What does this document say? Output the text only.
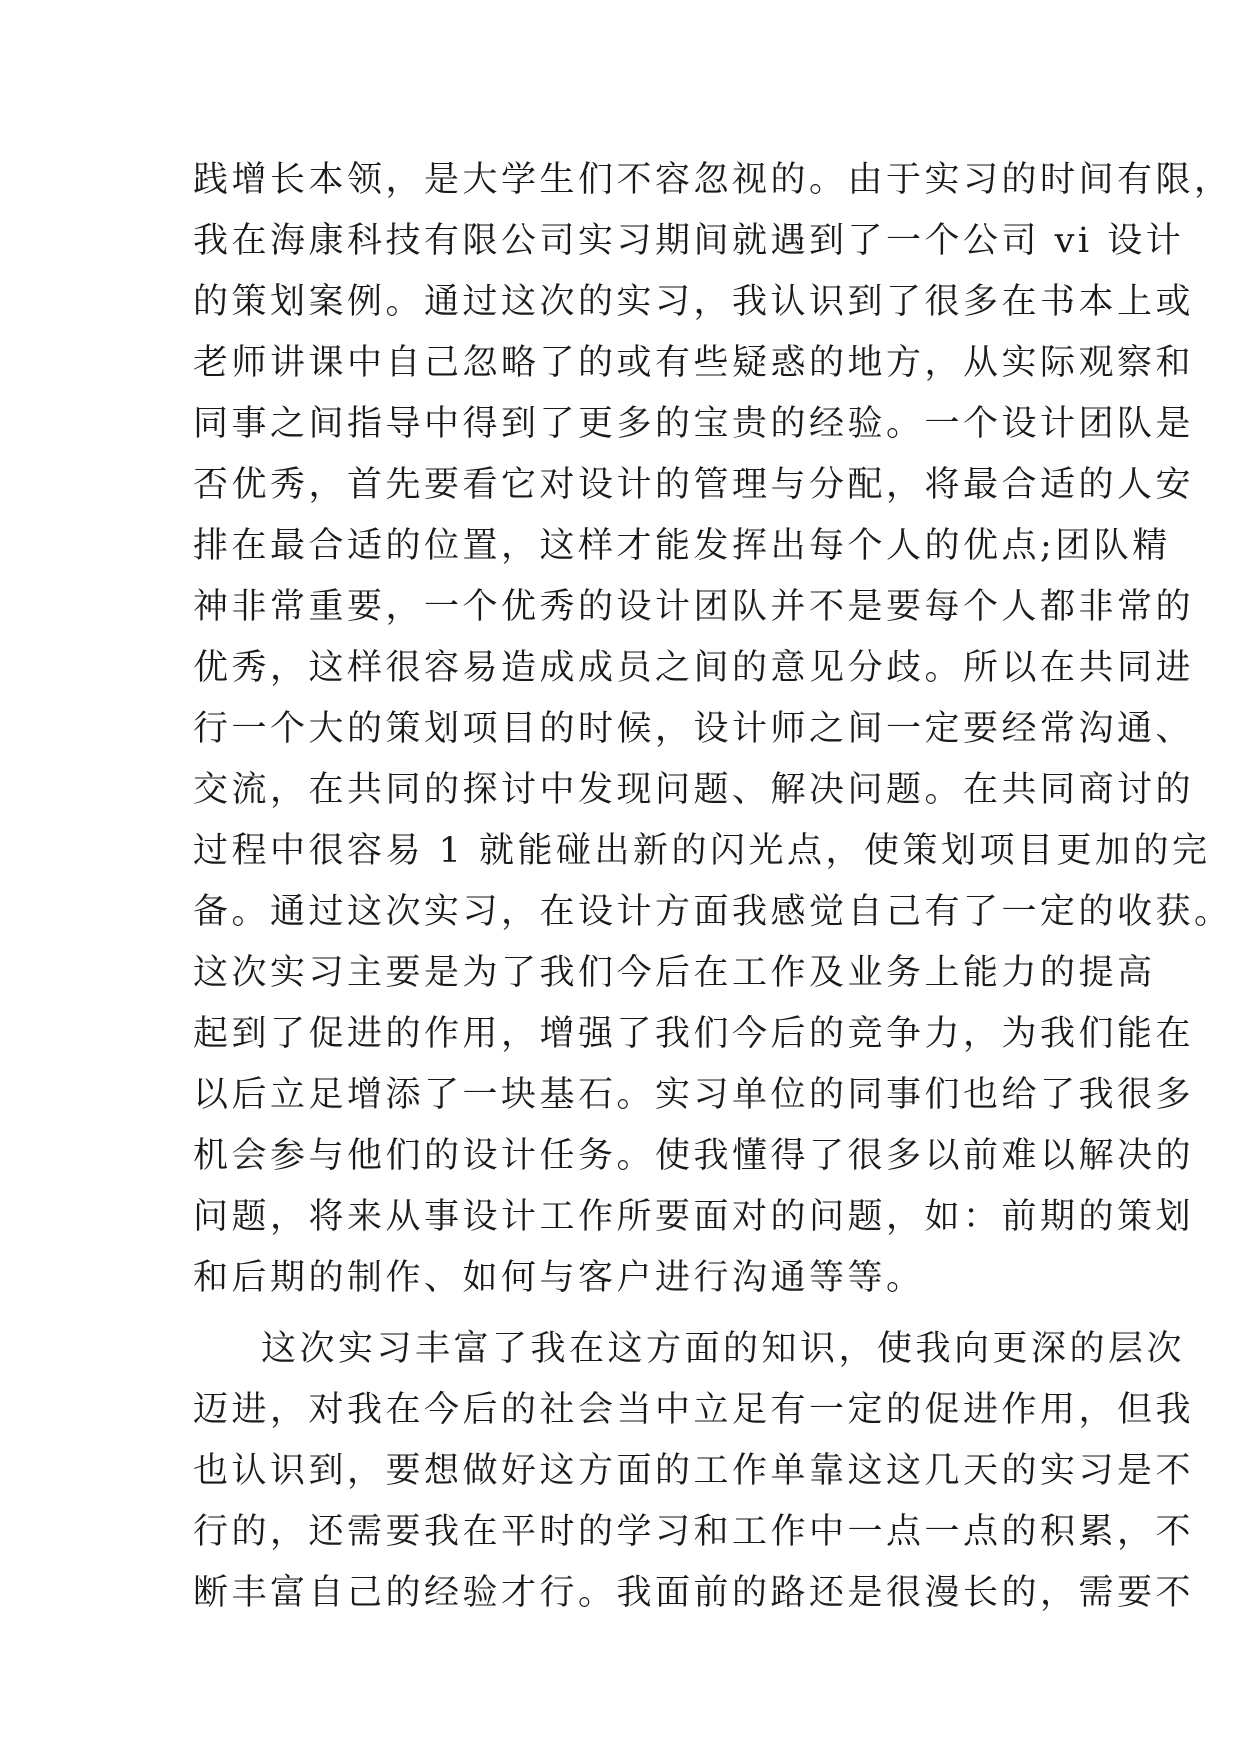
践增长本领，是大学生们不容忽视的。由于实习的时间有限，
我在海康科技有限公司实习期间就遇到了一个公司 vi 设计
的策划案例。通过这次的实习，我认识到了很多在书本上或
老师讲课中自己忽略了的或有些疑惑的地方，从实际观察和
同事之间指导中得到了更多的宝贵的经验。一个设计团队是
否优秀，首先要看它对设计的管理与分配，将最合适的人安
排在最合适的位置，这样才能发挥出每个人的优点;团队精
神非常重要，一个优秀的设计团队并不是要每个人都非常的
优秀，这样很容易造成成员之间的意见分歧。所以在共同进
行一个大的策划项目的时候，设计师之间一定要经常沟通、
交流，在共同的探讨中发现问题、解决问题。在共同商讨的
过程中很容易 1 就能碰出新的闪光点，使策划项目更加的完
备。通过这次实习，在设计方面我感觉自己有了一定的收获。
这次实习主要是为了我们今后在工作及业务上能力的提高
起到了促进的作用，增强了我们今后的竞争力，为我们能在
以后立足增添了一块基石。实习单位的同事们也给了我很多
机会参与他们的设计任务。使我懂得了很多以前难以解决的
问题，将来从事设计工作所要面对的问题，如：前期的策划
和后期的制作、如何与客户进行沟通等等。
这次实习丰富了我在这方面的知识，使我向更深的层次
迈进，对我在今后的社会当中立足有一定的促进作用，但我
也认识到，要想做好这方面的工作单靠这这几天的实习是不
行的，还需要我在平时的学习和工作中一点一点的积累，不
断丰富自己的经验才行。我面前的路还是很漫长的，需要不
